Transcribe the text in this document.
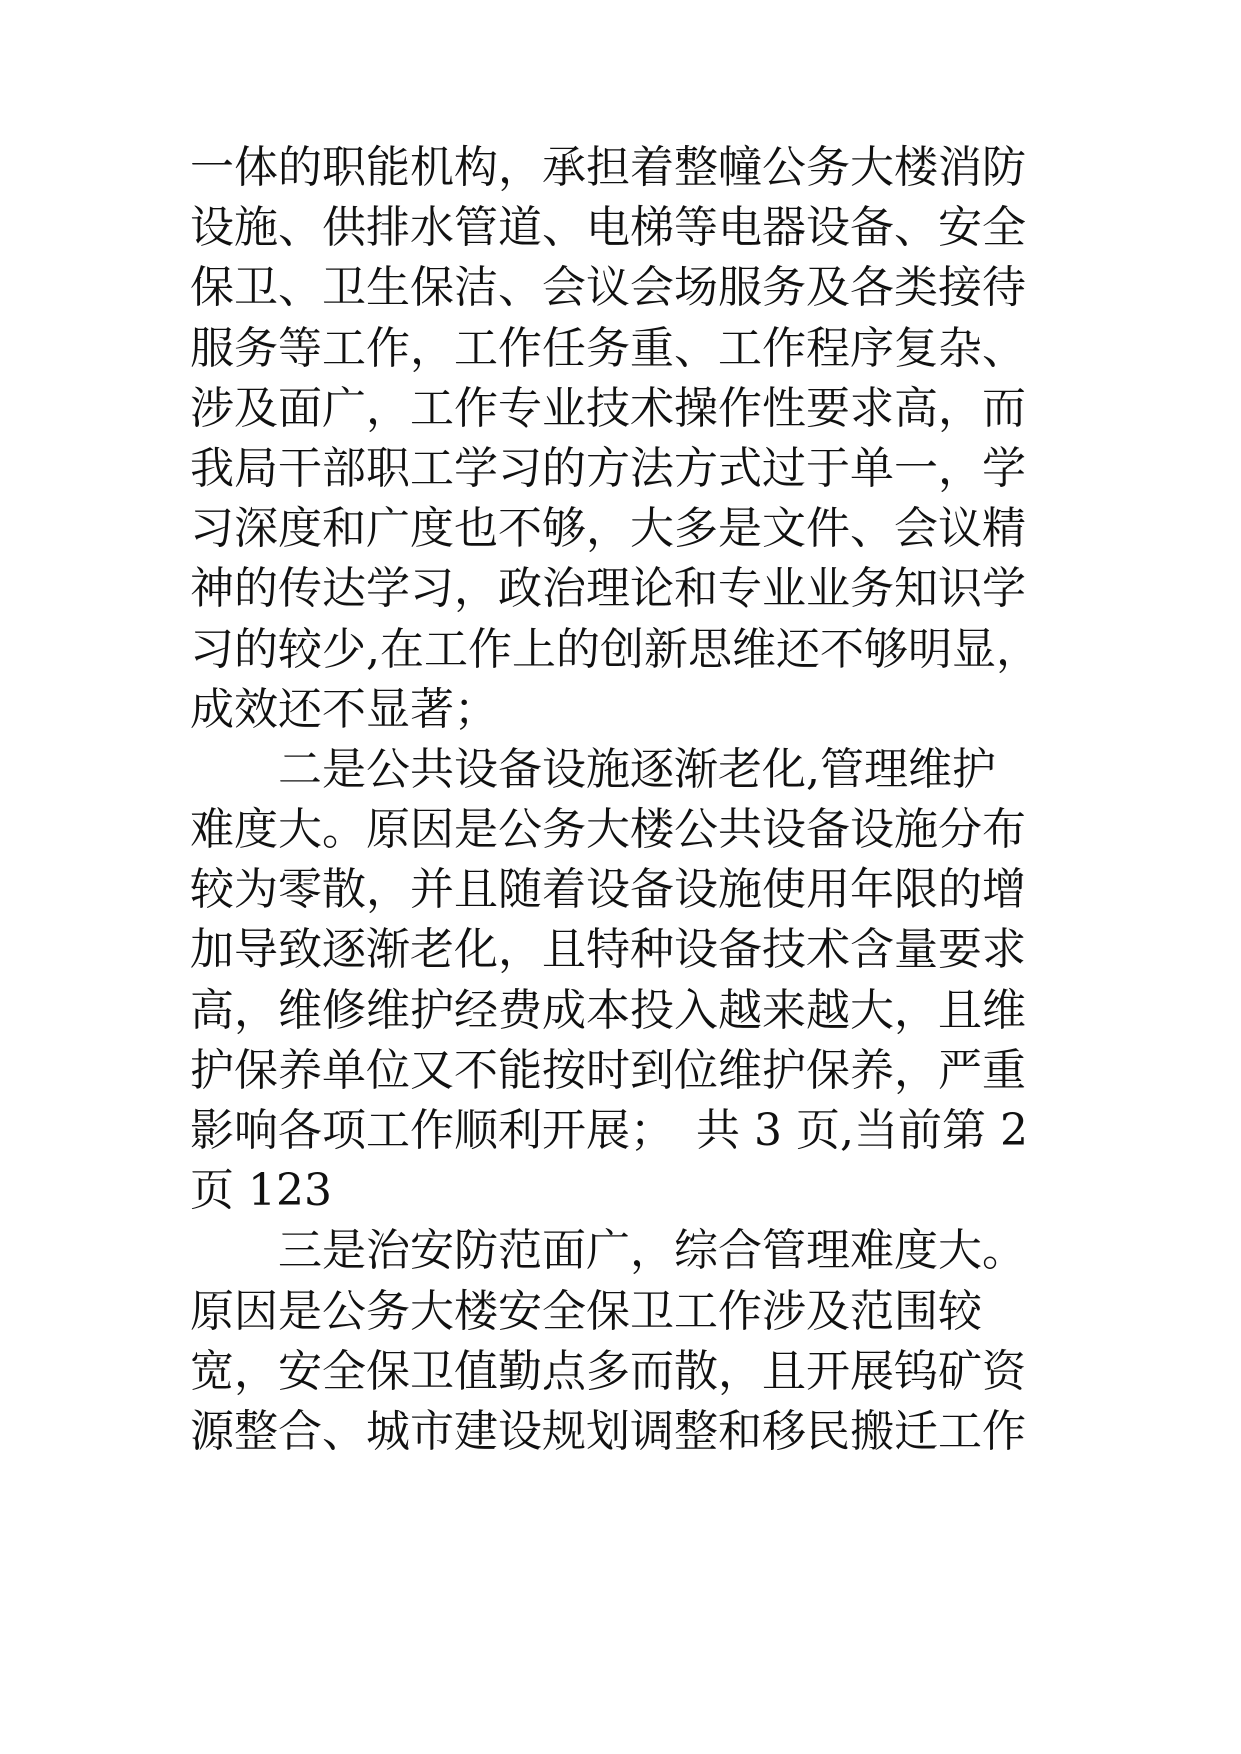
一体的职能机构，承担着整幢公务大楼消防
设施、供排水管道、电梯等电器设备、安全
保卫、卫生保洁、会议会场服务及各类接待
服务等工作，工作任务重、工作程序复杂、
涉及面广，工作专业技术操作性要求高，而
我局干部职工学习的方法方式过于单一，学
习深度和广度也不够，大多是文件、会议精
神的传达学习，政治理论和专业业务知识学
习的较少,在工作上的创新思维还不够明显，
成效还不显著；
　　二是公共设备设施逐渐老化,管理维护
难度大。原因是公务大楼公共设备设施分布
较为零散，并且随着设备设施使用年限的增
加导致逐渐老化，且特种设备技术含量要求
高，维修维护经费成本投入越来越大，且维
护保养单位又不能按时到位维护保养，严重
影响各项工作顺利开展；　共 3 页,当前第 2
页 123
　　三是治安防范面广，综合管理难度大。
原因是公务大楼安全保卫工作涉及范围较
宽，安全保卫值勤点多而散，且开展钨矿资
源整合、城市建设规划调整和移民搬迁工作
